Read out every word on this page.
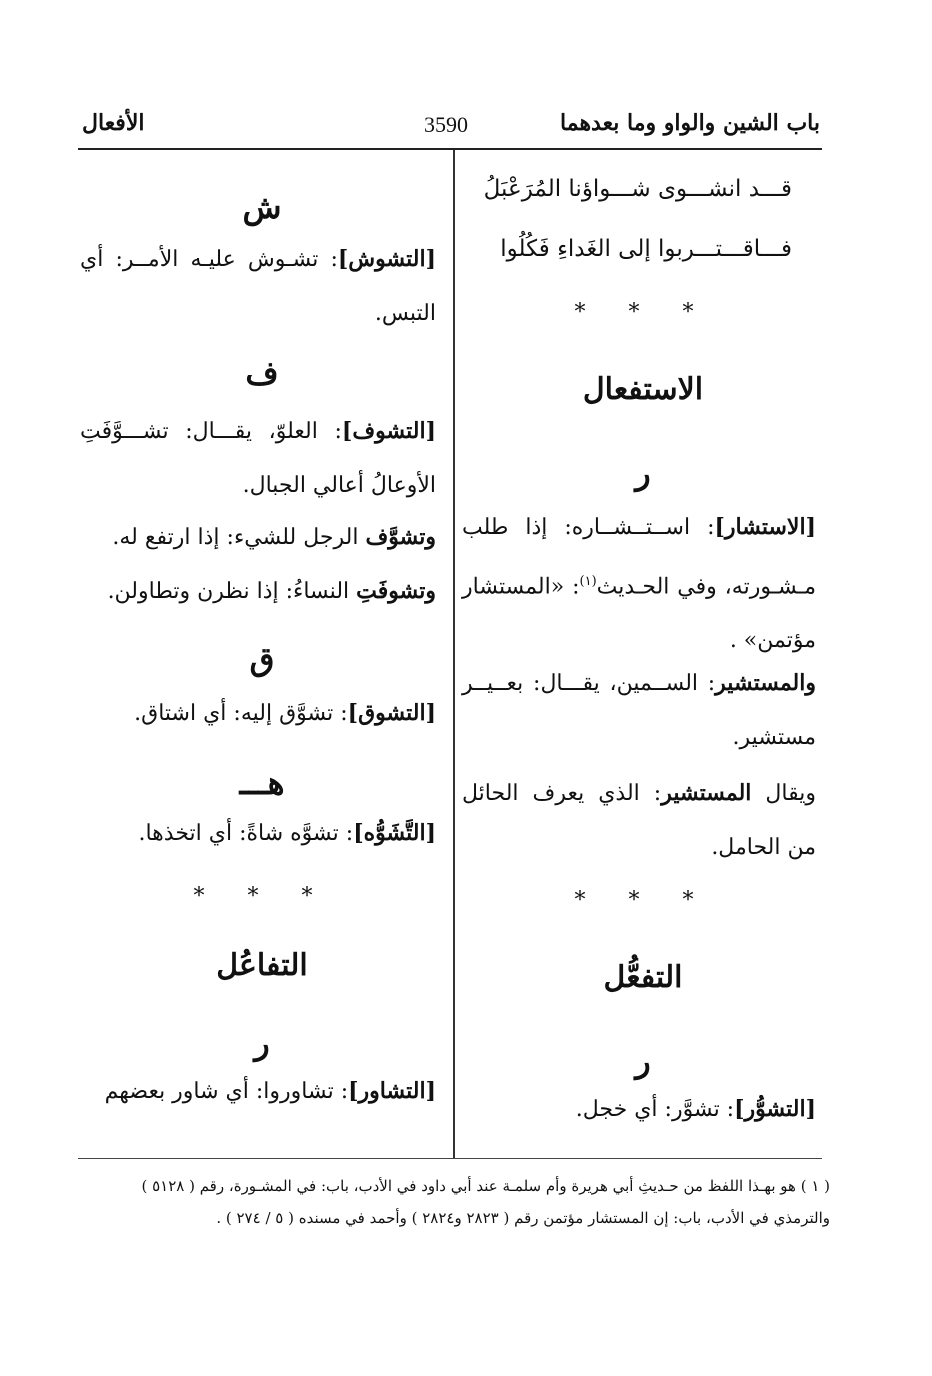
باب الشين والواو وما بعدهما
3590
الأفعال
قـــد انشـــوى شـــواؤنا المُرَعْبَلُ
فـــاقـــتـــربوا إلى الغَداءِ فَكُلُوا
* * *
الاستفعال
ر
[الاستشار]: اســتــشــاره: إذا طلب مـشـورته، وفي الحـديث$^{(١)}$: «المستشار مؤتمن» .
والمستشير: الســمين، يقـــال: بعــيــر مستشير.
ويقال المستشير: الذي يعرف الحائل من الحامل.
* * *
التفعُّل
ر
[التشوُّر]: تشوَّر: أي خجل.
ش
[التشوش]: تشـوش عليـه الأمــر: أي التبس.
ف
[التشوف]: العلوّ، يقـــال: تشـــوَّفَتِ الأوعالُ أعالي الجبال.
وتشوَّف الرجل للشيء: إذا ارتفع له.
وتشوفَتِ النساءُ: إذا نظرن وتطاولن.
ق
[التشوق]: تشوَّق إليه: أي اشتاق.
هـــ
[التَّشَوُّه]: تشوَّه شاةً: أي اتخذها.
* * *
التفاعُل
ر
[التشاور]: تشاوروا: أي شاور بعضهم
( ١ ) هو بهـذا اللفظ من حـديثِ أبي هريرة وأم سلمـة عند أبي داود في الأدب، باب: في المشـورة، رقم ( ٥١٢٨ )
والترمذي في الأدب، باب: إن المستشار مؤتمن رقم ( ٢٨٢٣ و٢٨٢٤ ) وأحمد في مسنده ( ٥ / ٢٧٤ ) .
